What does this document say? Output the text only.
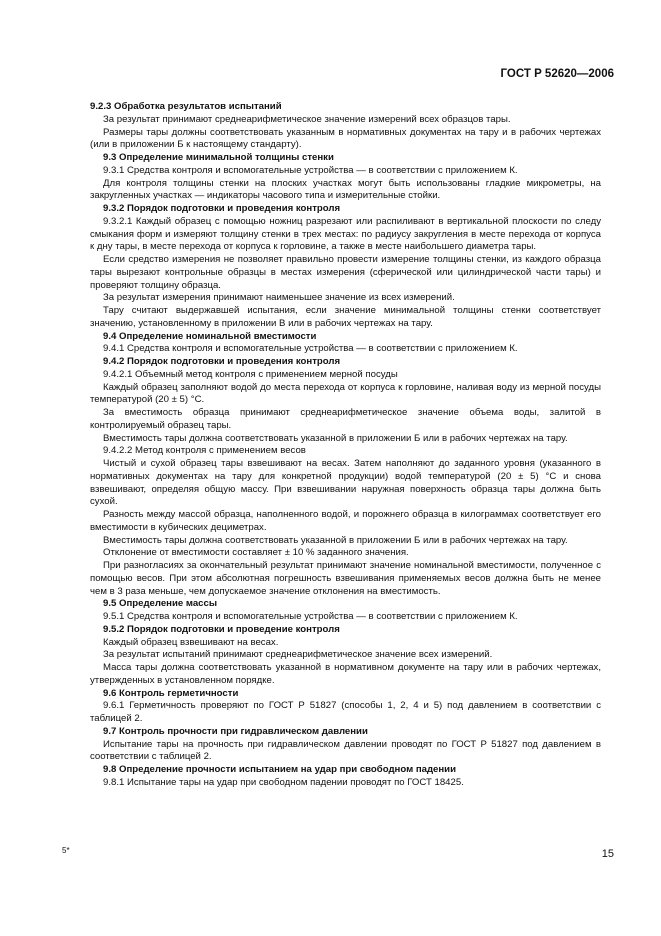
ГОСТ Р 52620—2006

9.2.3 Обработка результатов испытаний

За результат принимают среднеарифметическое значение измерений всех образцов тары.

Размеры тары должны соответствовать указанным в нормативных документах на тару и в рабочих чертежах (или в приложении Б к настоящему стандарту).

9.3 Определение минимальной толщины стенки

9.3.1 Средства контроля и вспомогательные устройства — в соответствии с приложением К.

Для контроля толщины стенки на плоских участках могут быть использованы гладкие микрометры, на закругленных участках — индикаторы часового типа и измерительные стойки.

9.3.2 Порядок подготовки и проведения контроля

9.3.2.1 Каждый образец с помощью ножниц разрезают или распиливают в вертикальной плоскости по следу смыкания форм и измеряют толщину стенки в трех местах: по радиусу закругления в месте перехода от корпуса к дну тары, в месте перехода от корпуса к горловине, а также в месте наибольшего диаметра тары.

Если средство измерения не позволяет правильно провести измерение толщины стенки, из каждого образца тары вырезают контрольные образцы в местах измерения (сферической или цилиндрической части тары) и проверяют толщину образца.

За результат измерения принимают наименьшее значение из всех измерений.

Тару считают выдержавшей испытания, если значение минимальной толщины стенки соответствует значению, установленному в приложении В или в рабочих чертежах на тару.

9.4 Определение номинальной вместимости

9.4.1 Средства контроля и вспомогательные устройства — в соответствии с приложением К.

9.4.2 Порядок подготовки и проведения контроля

9.4.2.1 Объемный метод контроля с применением мерной посуды

Каждый образец заполняют водой до места перехода от корпуса к горловине, наливая воду из мерной посуды температурой (20 ± 5) °С.

За вместимость образца принимают среднеарифметическое значение объема воды, залитой в контролируемый образец тары.

Вместимость тары должна соответствовать указанной в приложении Б или в рабочих чертежах на тару.

9.4.2.2 Метод контроля с применением весов

Чистый и сухой образец тары взвешивают на весах. Затем наполняют до заданного уровня (указанного в нормативных документах на тару для конкретной продукции) водой температурой (20 ± 5) °С и снова взвешивают, определяя общую массу. При взвешивании наружная поверхность образца тары должна быть сухой.

Разность между массой образца, наполненного водой, и порожнего образца в килограммах соответствует его вместимости в кубических дециметрах.

Вместимость тары должна соответствовать указанной в приложении Б или в рабочих чертежах на тару.

Отклонение от вместимости составляет ± 10 % заданного значения.

При разногласиях за окончательный результат принимают значение номинальной вместимости, полученное с помощью весов. При этом абсолютная погрешность взвешивания применяемых весов должна быть не менее чем в 3 раза меньше, чем допускаемое значение отклонения на вместимость.

9.5 Определение массы

9.5.1 Средства контроля и вспомогательные устройства — в соответствии с приложением К.

9.5.2 Порядок подготовки и проведение контроля

Каждый образец взвешивают на весах.

За результат испытаний принимают среднеарифметическое значение всех измерений.

Масса тары должна соответствовать указанной в нормативном документе на тару или в рабочих чертежах, утвержденных в установленном порядке.

9.6 Контроль герметичности

9.6.1 Герметичность проверяют по ГОСТ Р 51827 (способы 1, 2, 4 и 5) под давлением в соответствии с таблицей 2.

9.7 Контроль прочности при гидравлическом давлении

Испытание тары на прочность при гидравлическом давлении проводят по ГОСТ Р 51827 под давлением в соответствии с таблицей 2.

9.8 Определение прочности испытанием на удар при свободном падении

9.8.1 Испытание тары на удар при свободном падении проводят по ГОСТ 18425.

5*	15
